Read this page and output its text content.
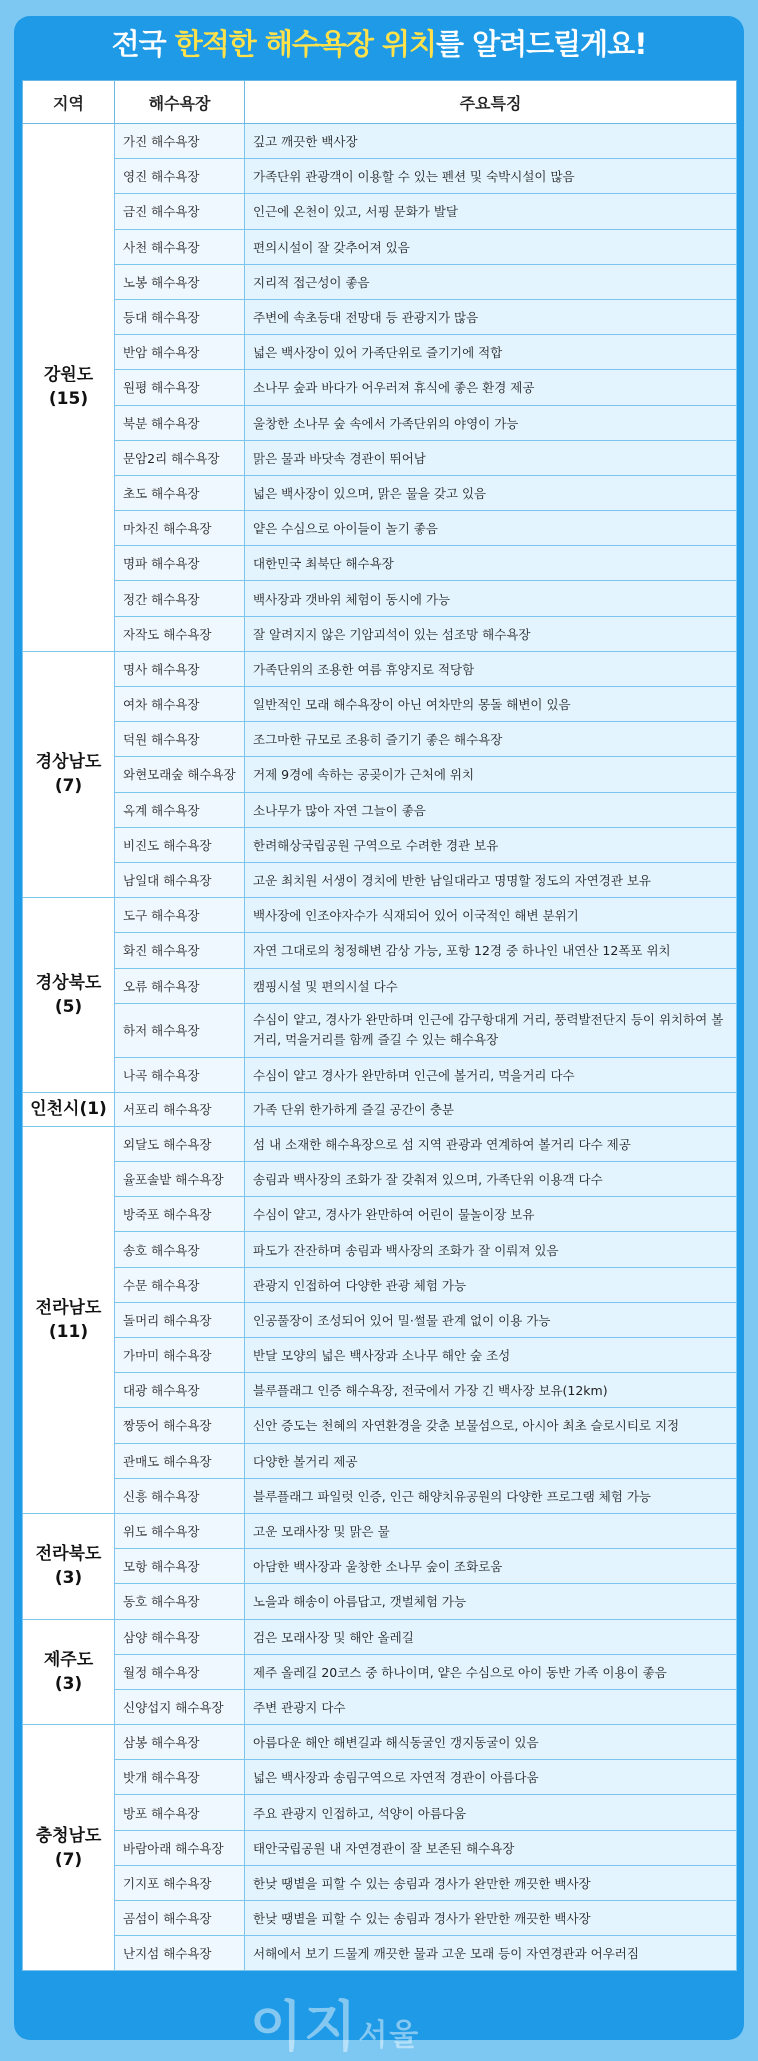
전국 한적한 해수욕장 위치를 알려드릴게요!
지역	해수욕장	주요특징
강원도
(15)	가진 해수욕장	깊고 깨끗한 백사장
	영진 해수욕장	가족단위 관광객이 이용할 수 있는 펜션 및 숙박시설이 많음
	금진 해수욕장	인근에 온천이 있고, 서핑 문화가 발달
	사천 해수욕장	편의시설이 잘 갖추어져 있음
	노봉 해수욕장	지리적 접근성이 좋음
	등대 해수욕장	주변에 속초등대 전망대 등 관광지가 많음
	반암 해수욕장	넓은 백사장이 있어 가족단위로 즐기기에 적합
	원평 해수욕장	소나무 숲과 바다가 어우러져 휴식에 좋은 환경 제공
	북분 해수욕장	울창한 소나무 숲 속에서 가족단위의 야영이 가능
	문암2리 해수욕장	맑은 물과 바닷속 경관이 뛰어남
	초도 해수욕장	넓은 백사장이 있으며, 맑은 물을 갖고 있음
	마차진 해수욕장	얕은 수심으로 아이들이 놀기 좋음
	명파 해수욕장	대한민국 최북단 해수욕장
	정간 해수욕장	백사장과 갯바위 체험이 동시에 가능
	자작도 해수욕장	잘 알려지지 않은 기암괴석이 있는 섬조망 해수욕장
경상남도
(7)	명사 해수욕장	가족단위의 조용한 여름 휴양지로 적당함
	여차 해수욕장	일반적인 모래 해수욕장이 아닌 여차만의 몽돌 해변이 있음
	덕원 해수욕장	조그마한 규모로 조용히 즐기기 좋은 해수욕장
	와현모래숲 해수욕장	거제 9경에 속하는 공곶이가 근처에 위치
	옥계 해수욕장	소나무가 많아 자연 그늘이 좋음
	비진도 해수욕장	한려해상국립공원 구역으로 수려한 경관 보유
	남일대 해수욕장	고운 최치원 서생이 경치에 반한 남일대라고 명명할 정도의 자연경관 보유
경상북도
(5)	도구 해수욕장	백사장에 인조야자수가 식재되어 있어 이국적인 해변 분위기
	화진 해수욕장	자연 그대로의 청정해변 감상 가능, 포항 12경 중 하나인 내연산 12폭포 위치
	오류 해수욕장	캠핑시설 및 편의시설 다수
	하저 해수욕장	수심이 얕고, 경사가 완만하며 인근에 감구항대게 거리, 풍력발전단지 등이 위치하여 볼거리, 먹을거리를 함께 즐길 수 있는 해수욕장
	나곡 해수욕장	수심이 얕고 경사가 완만하며 인근에 볼거리, 먹을거리 다수
인천시(1)	서포리 해수욕장	가족 단위 한가하게 즐길 공간이 충분
전라남도
(11)	외달도 해수욕장	섬 내 소재한 해수욕장으로 섬 지역 관광과 연계하여 볼거리 다수 제공
	율포솔밭 해수욕장	송림과 백사장의 조화가 잘 갖춰져 있으며, 가족단위 이용객 다수
	방죽포 해수욕장	수심이 얕고, 경사가 완만하여 어린이 물놀이장 보유
	송호 해수욕장	파도가 잔잔하며 송림과 백사장의 조화가 잘 이뤄져 있음
	수문 해수욕장	관광지 인접하여 다양한 관광 체험 가능
	돌머리 해수욕장	인공풀장이 조성되어 있어 밀·썰물 관계 없이 이용 가능
	가마미 해수욕장	반달 모양의 넓은 백사장과 소나무 해안 숲 조성
	대광 해수욕장	블루플래그 인증 해수욕장, 전국에서 가장 긴 백사장 보유(12km)
	짱뚱어 해수욕장	신안 증도는 천혜의 자연환경을 갖춘 보물섬으로, 아시아 최초 슬로시티로 지정
	관매도 해수욕장	다양한 볼거리 제공
	신흥 해수욕장	블루플래그 파일럿 인증, 인근 해양치유공원의 다양한 프로그램 체험 가능
전라북도
(3)	위도 해수욕장	고운 모래사장 및 맑은 물
	모항 해수욕장	아담한 백사장과 울창한 소나무 숲이 조화로움
	동호 해수욕장	노을과 해송이 아름답고, 갯벌체험 가능
제주도
(3)	삼양 해수욕장	검은 모래사장 및 해안 올레길
	월정 해수욕장	제주 올레길 20코스 중 하나이며, 얕은 수심으로 아이 동반 가족 이용이 좋음
	신양섭지 해수욕장	주변 관광지 다수
충청남도
(7)	삼봉 해수욕장	아름다운 해안 해변길과 해식동굴인 갱지동굴이 있음
	밧개 해수욕장	넓은 백사장과 송림구역으로 자연적 경관이 아름다움
	방포 해수욕장	주요 관광지 인접하고, 석양이 아름다움
	바람아래 해수욕장	태안국립공원 내 자연경관이 잘 보존된 해수욕장
	기지포 해수욕장	한낮 땡볕을 피할 수 있는 송림과 경사가 완만한 깨끗한 백사장
	곰섬이 해수욕장	한낮 땡볕을 피할 수 있는 송림과 경사가 완만한 깨끗한 백사장
	난지섬 해수욕장	서해에서 보기 드물게 깨끗한 물과 고운 모래 등이 자연경관과 어우러짐
이지서울
